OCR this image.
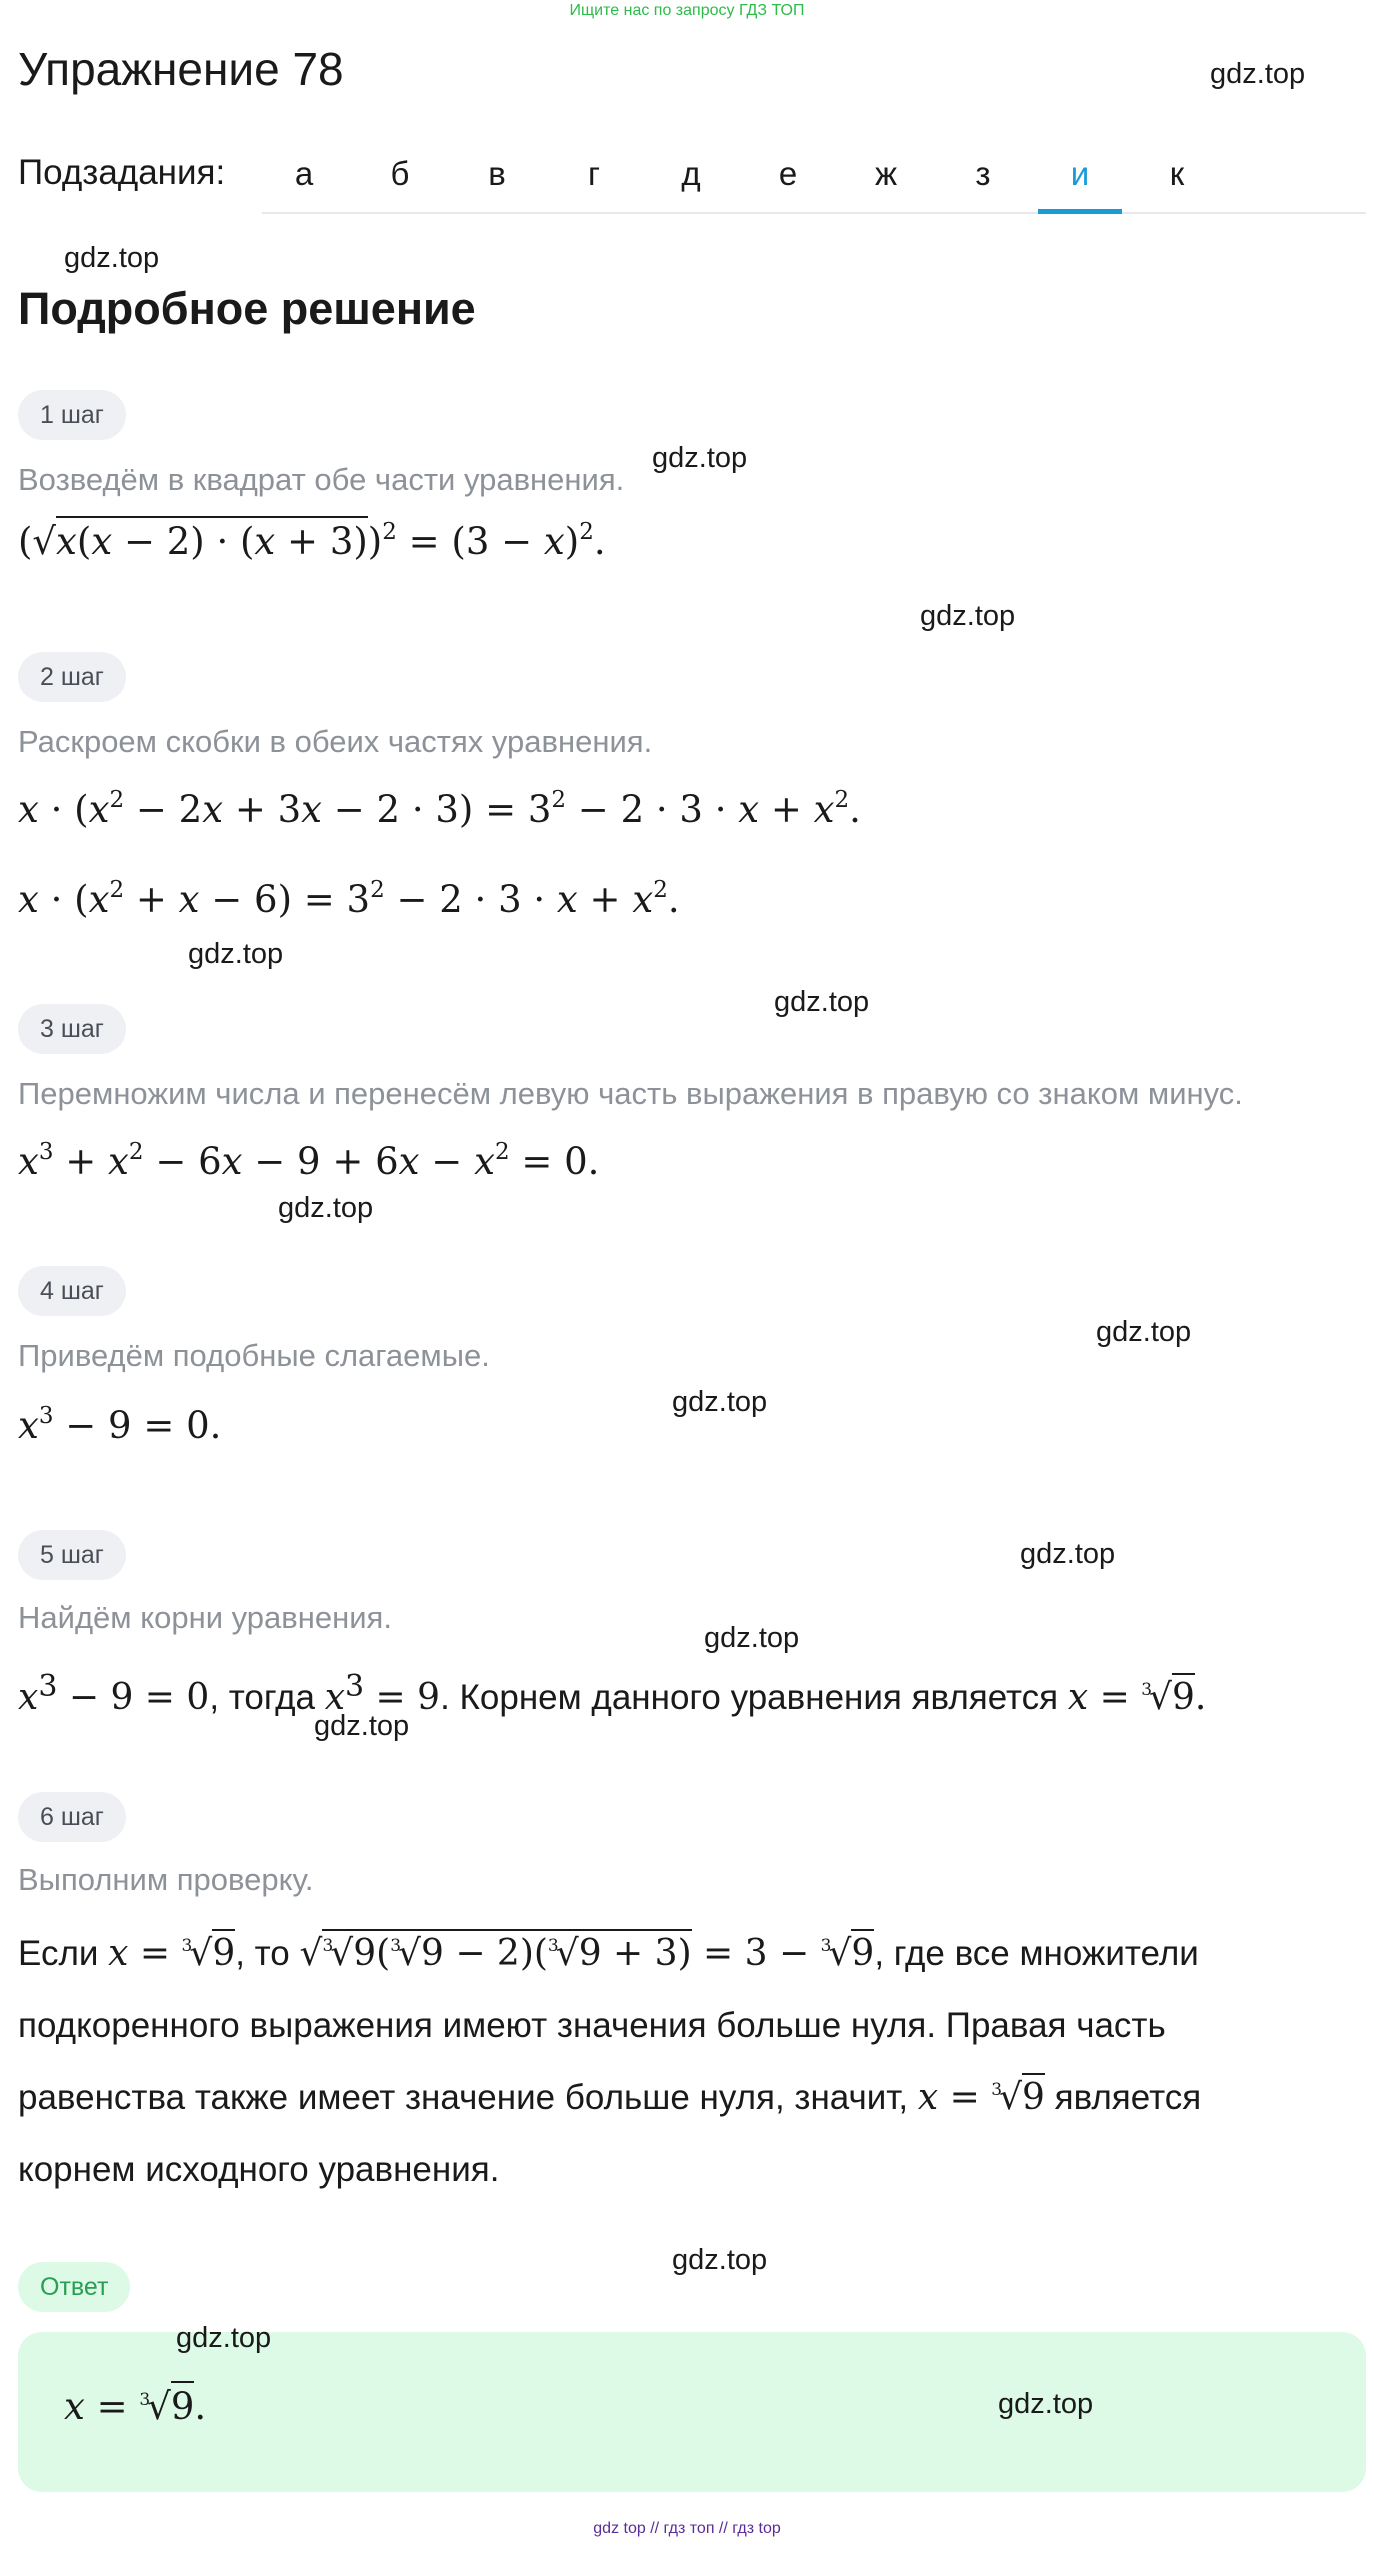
Ищите нас по запросу ГДЗ ТОП
Упражнение 78	gdz.top
Подзадания:	а	б	в	г	д	е	ж	з	и	к
gdz.top
Подробное решение
1 шаг
Возведём в квадрат обе части уравнения.
gdz.top
$(√x(x - 2) \cdot (x + 3))^2 = (3 - x)^2$.
gdz.top
2 шаг
Раскроем скобки в обеих частях уравнения.
$x \cdot (x^2 - 2x + 3x - 2 \cdot 3) = 3^2 - 2 \cdot 3 \cdot x + x^2$.
$x \cdot (x^2 + x - 6) = 3^2 - 2 \cdot 3 \cdot x + x^2$.
gdz.top
gdz.top
3 шаг
Перемножим числа и перенесём левую часть выражения в правую со знаком минус.
$x^3 + x^2 - 6x - 9 + 6x - x^2 = 0$.
gdz.top
4 шаг
gdz.top
Приведём подобные слагаемые.
gdz.top
$x^3 - 9 = 0$.
5 шаг	gdz.top
Найдём корни уравнения.
gdz.top
$x^3 - 9 = 0$, тогда $x^3 = 9$. Корнем данного уравнения является x = $^3$√9.
gdz.top
6 шаг
Выполним проверку.
Если x = $^3$√9, то √$^3$√9($^3$√9 − 2)($^3$√9 + 3) = 3 − $^3$√9, где все множители
подкоренного выражения имеют значения больше нуля. Правая часть
равенства также имеет значение больше нуля, значит, x = $^3$√9 является
корнем исходного уравнения.
gdz.top
Ответ
gdz.top
x = $^3$√9.	gdz.top
gdz top // гдз топ // гдз top
